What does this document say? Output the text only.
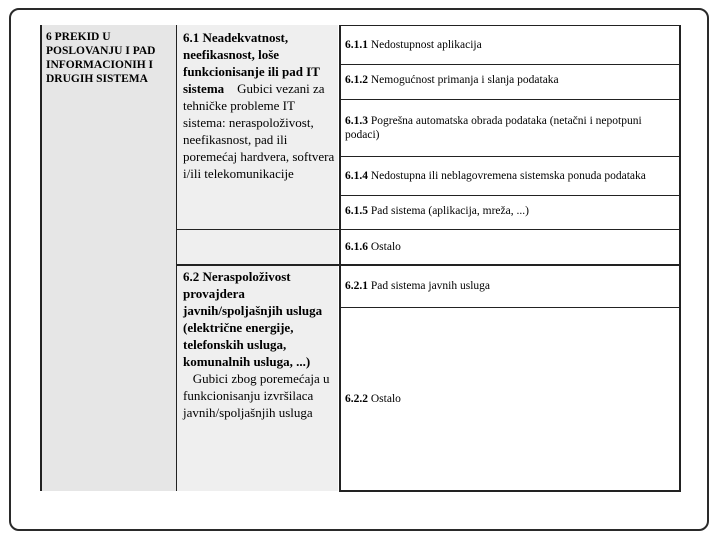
6 PREKID U POSLOVANJU I PAD INFORMACIONIH I DRUGIH SISTEMA
6.1 Neadekvatnost, neefikasnost, loše funkcionisanje ili pad IT sistema Gubici vezani za tehničke probleme IT sistema: neraspoloživost, neefikasnost, pad ili poremećaj hardvera, softvera i/ili telekomunikacije
6.2 Neraspoloživost provajdera javnih/spoljašnjih usluga (električne energije, telefonskih usluga, komunalnih usluga, ...)    Gubici zbog poremećaja u funkcionisanju izvršilaca javnih/spoljašnjih usluga
6.1.1 Nedostupnost aplikacija
6.1.2 Nemogućnost primanja i slanja podataka
6.1.3 Pogrešna automatska obrada podataka (netačni i nepotpuni podaci)
6.1.4 Nedostupna ili neblagovremena sistemska ponuda podataka
6.1.5 Pad sistema (aplikacija, mreža, ...)
6.1.6 Ostalo
6.2.1 Pad sistema javnih usluga
6.2.2 Ostalo
